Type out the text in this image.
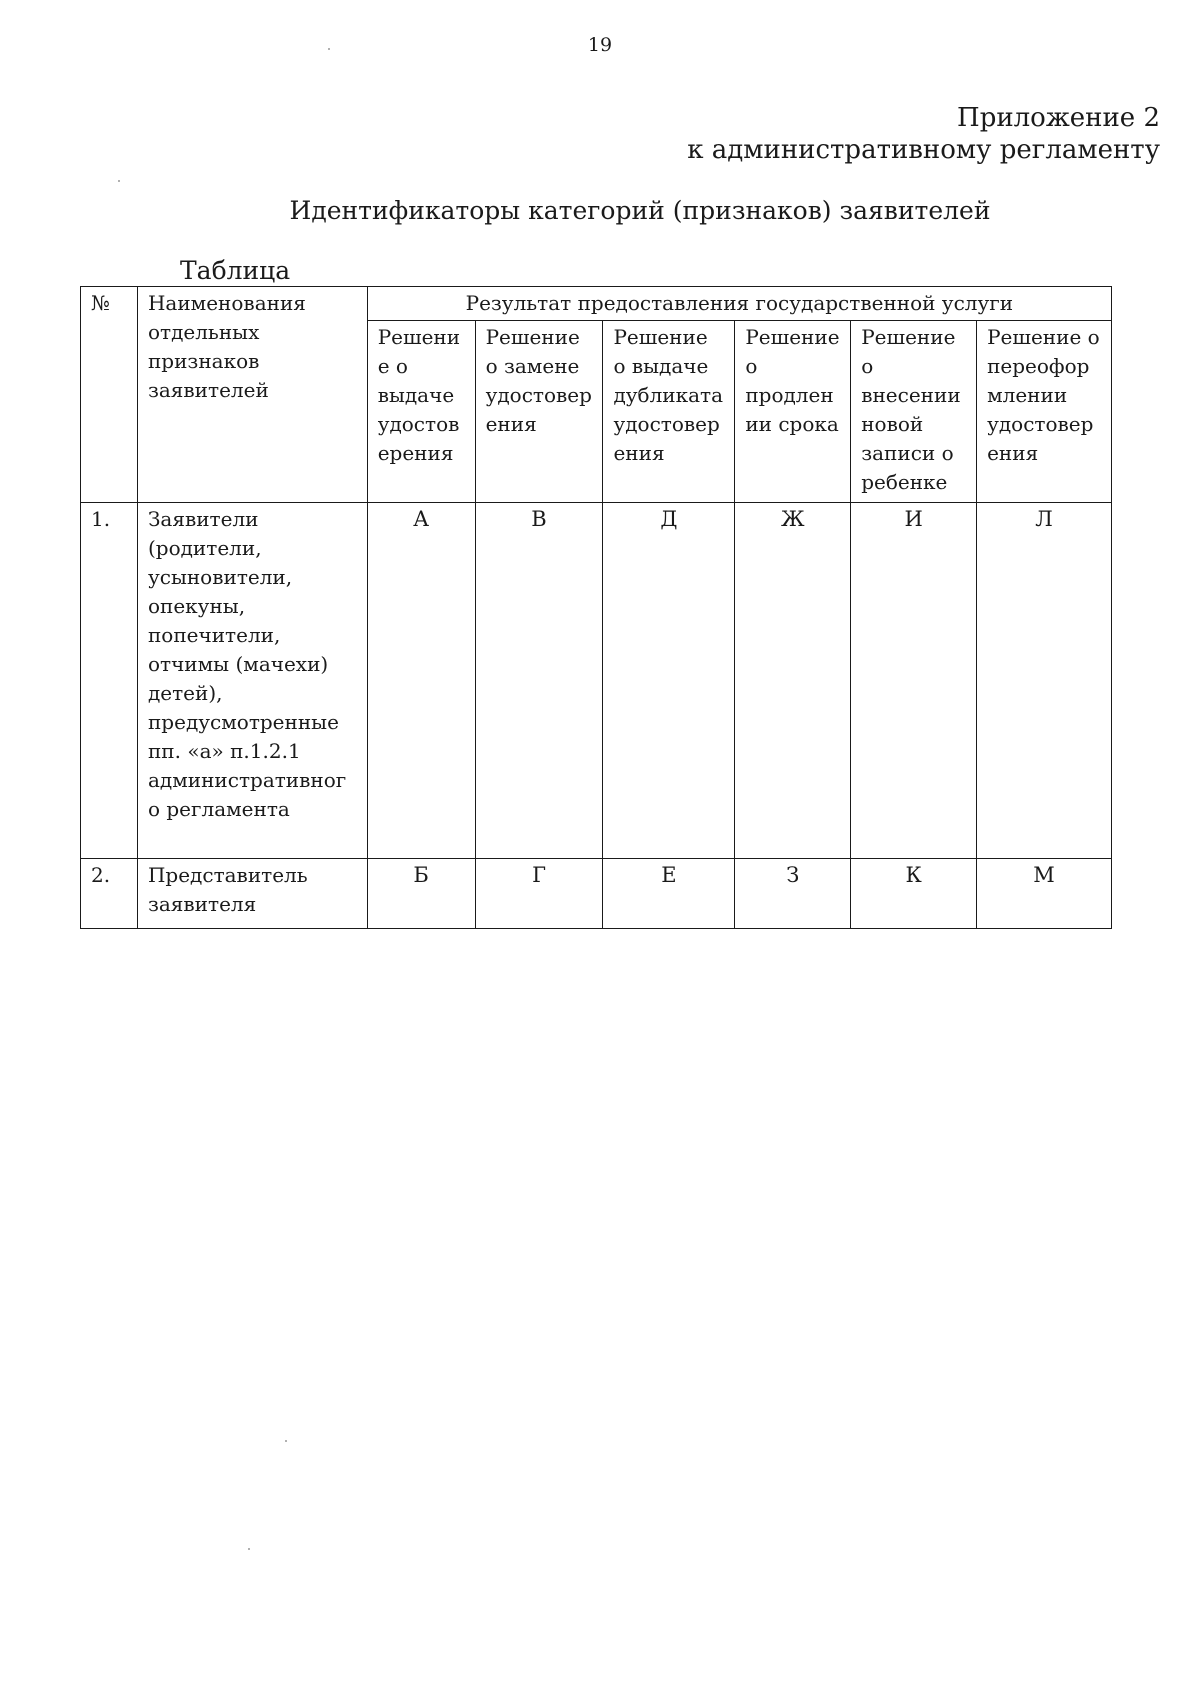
19
Приложение 2
к административному регламенту
Идентификаторы категорий (признаков) заявителей
Таблица
№	Наименования отдельных признаков заявителей	Результат предоставления государственной услуги					
		Решение о выдаче удостоверения	Решение о замене удостоверения	Решение о выдаче дубликата удостоверения	Решение о продлении срока	Решение о внесении новой записи о ребенке	Решение о переоформлении удостоверения
1.	Заявители (родители, усыновители, опекуны, попечители, отчимы (мачехи) детей), предусмотренные пп. «а» п.1.2.1 административного регламента	А	В	Д	Ж	И	Л
2.	Представитель заявителя	Б	Г	Е	З	К	М
